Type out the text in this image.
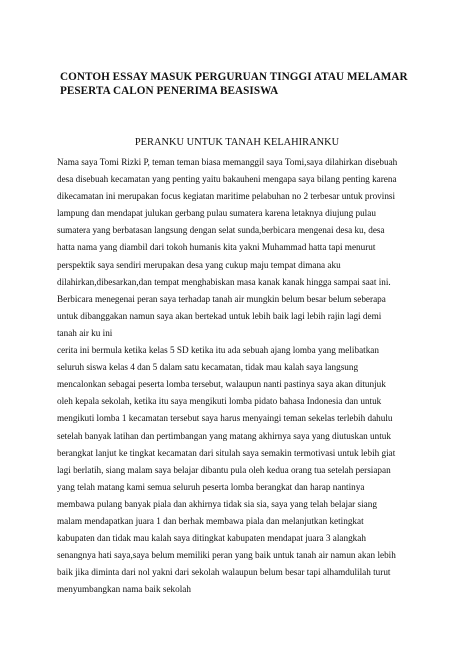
CONTOH ESSAY MASUK PERGURUAN TINGGI ATAU MELAMAR
PESERTA CALON PENERIMA BEASISWA
PERANKU UNTUK TANAH KELAHIRANKU
Nama saya Tomi Rizki P, teman teman biasa memanggil saya Tomi,saya dilahirkan disebuah
desa disebuah kecamatan yang penting yaitu bakauheni mengapa saya bilang penting karena
dikecamatan ini merupakan focus kegiatan maritime pelabuhan no 2 terbesar untuk provinsi
lampung dan mendapat julukan gerbang pulau sumatera karena letaknya diujung pulau
sumatera yang berbatasan langsung dengan selat sunda,berbicara mengenai desa ku, desa
hatta nama yang diambil dari tokoh humanis kita yakni Muhammad hatta tapi menurut
perspektik saya sendiri merupakan desa yang cukup maju tempat dimana aku
dilahirkan,dibesarkan,dan tempat menghabiskan masa kanak kanak hingga sampai saat ini.
Berbicara menegenai peran saya terhadap tanah air mungkin belum besar belum seberapa
untuk dibanggakan namun saya akan bertekad untuk lebih baik lagi lebih rajin lagi demi
tanah air ku ini
cerita ini bermula ketika kelas 5 SD ketika itu ada sebuah ajang lomba yang melibatkan
seluruh siswa kelas 4 dan 5 dalam satu kecamatan, tidak mau kalah saya langsung
mencalonkan sebagai peserta lomba tersebut, walaupun nanti pastinya saya akan ditunjuk
oleh kepala sekolah, ketika itu saya mengikuti lomba pidato bahasa Indonesia dan untuk
mengikuti lomba 1 kecamatan tersebut saya harus menyaingi teman sekelas terlebih dahulu
setelah banyak latihan dan pertimbangan yang matang akhirnya saya yang diutuskan untuk
berangkat lanjut ke tingkat kecamatan dari situlah saya semakin termotivasi untuk lebih giat
lagi berlatih, siang malam saya belajar dibantu pula oleh kedua orang tua setelah persiapan
yang telah matang kami semua seluruh peserta lomba berangkat dan harap nantinya
membawa pulang banyak piala dan akhirnya tidak sia sia, saya yang telah belajar siang
malam mendapatkan juara 1 dan berhak membawa piala dan melanjutkan ketingkat
kabupaten dan tidak mau kalah saya ditingkat kabupaten mendapat juara 3 alangkah
senangnya hati saya,saya belum memiliki peran yang baik untuk tanah air namun akan lebih
baik jika diminta dari nol yakni dari sekolah walaupun belum besar tapi alhamdulilah turut
menyumbangkan nama baik sekolah
